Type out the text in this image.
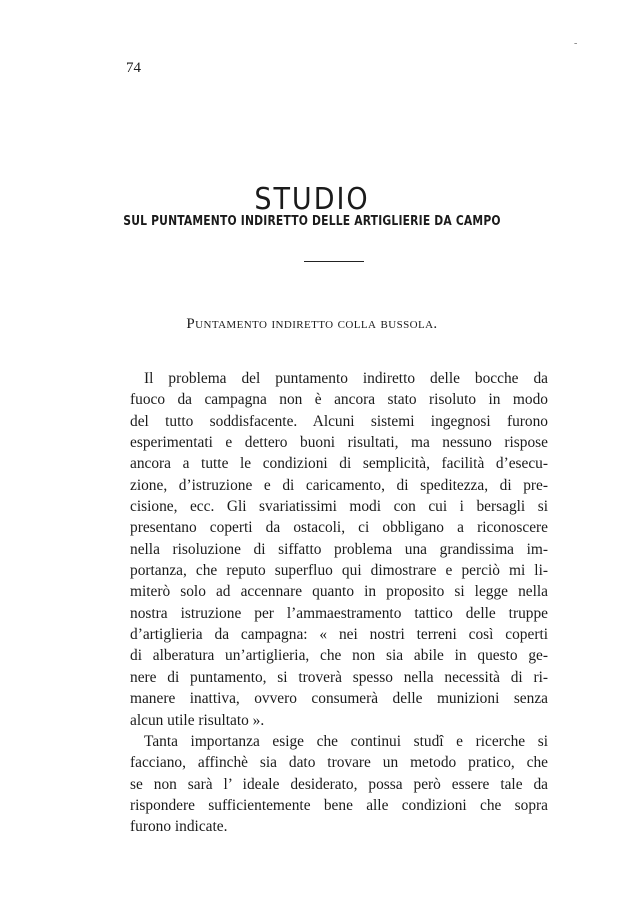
74
-
STUDIO
SUL PUNTAMENTO INDIRETTO DELLE ARTIGLIERIE DA CAMPO
Puntamento indiretto colla bussola.
Il problema del puntamento indiretto delle bocche da
fuoco da campagna non è ancora stato risoluto in modo
del tutto soddisfacente. Alcuni sistemi ingegnosi furono
esperimentati e dettero buoni risultati, ma nessuno rispose
ancora a tutte le condizioni di semplicità, facilità d’esecu-
zione, d’istruzione e di caricamento, di speditezza, di pre-
cisione, ecc. Gli svariatissimi modi con cui i bersagli si
presentano coperti da ostacoli, ci obbligano a riconoscere
nella risoluzione di siffatto problema una grandissima im-
portanza, che reputo superfluo qui dimostrare e perciò mi li-
miterò solo ad accennare quanto in proposito si legge nella
nostra istruzione per l’ammaestramento tattico delle truppe
d’artiglieria da campagna: « nei nostri terreni così coperti
di alberatura un’artiglieria, che non sia abile in questo ge-
nere di puntamento, si troverà spesso nella necessità di ri-
manere inattiva, ovvero consumerà delle munizioni senza
alcun utile risultato ».
Tanta importanza esige che continui studî e ricerche si
facciano, affinchè sia dato trovare un metodo pratico, che
se non sarà l’ ideale desiderato, possa però essere tale da
rispondere sufficientemente bene alle condizioni che sopra
furono indicate.
